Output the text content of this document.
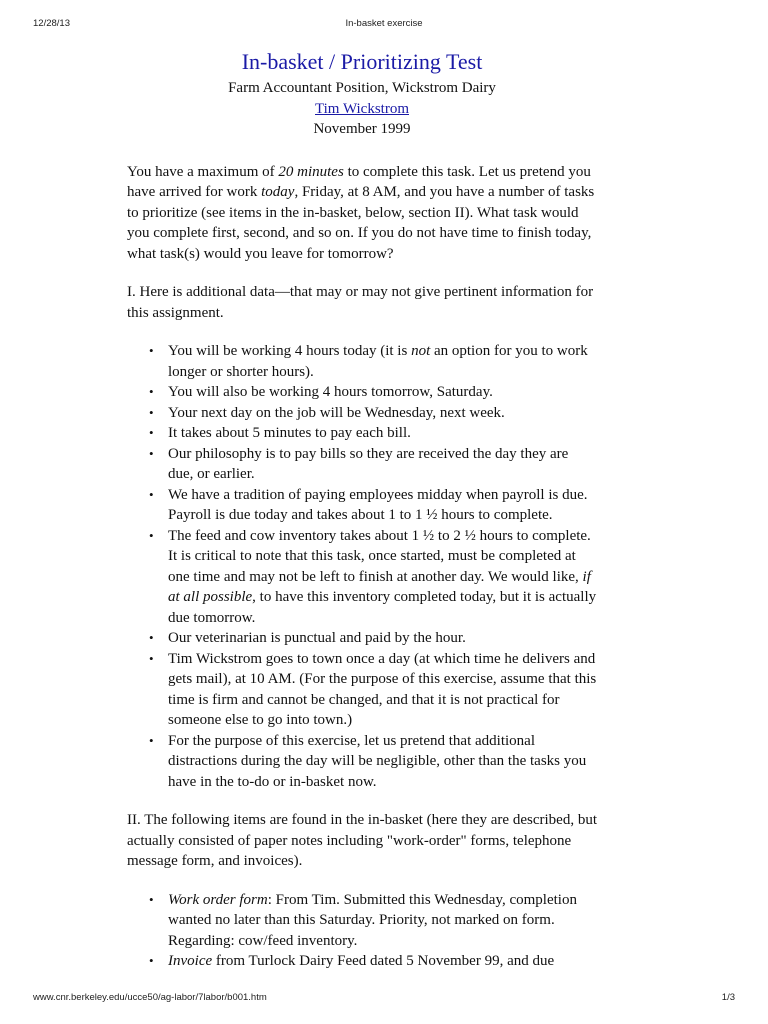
12/28/13	In-basket exercise
In-basket / Prioritizing Test

Farm Accountant Position, Wickstrom Dairy

Tim Wickstrom

November 1999

You have a maximum of 20 minutes to complete this task. Let us pretend you have arrived for work today, Friday, at 8 AM, and you have a number of tasks to prioritize (see items in the in-basket, below, section II). What task would you complete first, second, and so on. If you do not have time to finish today, what task(s) would you leave for tomorrow?

I. Here is additional data—that may or may not give pertinent information for this assignment.

• You will be working 4 hours today (it is not an option for you to work longer or shorter hours).
• You will also be working 4 hours tomorrow, Saturday.
• Your next day on the job will be Wednesday, next week.
• It takes about 5 minutes to pay each bill.
• Our philosophy is to pay bills so they are received the day they are due, or earlier.
• We have a tradition of paying employees midday when payroll is due. Payroll is due today and takes about 1 to 1 ½ hours to complete.
• The feed and cow inventory takes about 1 ½ to 2 ½ hours to complete. It is critical to note that this task, once started, must be completed at one time and may not be left to finish at another day. We would like, if at all possible, to have this inventory completed today, but it is actually due tomorrow.
• Our veterinarian is punctual and paid by the hour.
• Tim Wickstrom goes to town once a day (at which time he delivers and gets mail), at 10 AM. (For the purpose of this exercise, assume that this time is firm and cannot be changed, and that it is not practical for someone else to go into town.)
• For the purpose of this exercise, let us pretend that additional distractions during the day will be negligible, other than the tasks you have in the to-do or in-basket now.

II. The following items are found in the in-basket (here they are described, but actually consisted of paper notes including "work-order" forms, telephone message form, and invoices).

• Work order form: From Tim. Submitted this Wednesday, completion wanted no later than this Saturday. Priority, not marked on form. Regarding: cow/feed inventory.
• Invoice from Turlock Dairy Feed dated 5 November 99, and due
www.cnr.berkeley.edu/ucce50/ag-labor/7labor/b001.htm	1/3
